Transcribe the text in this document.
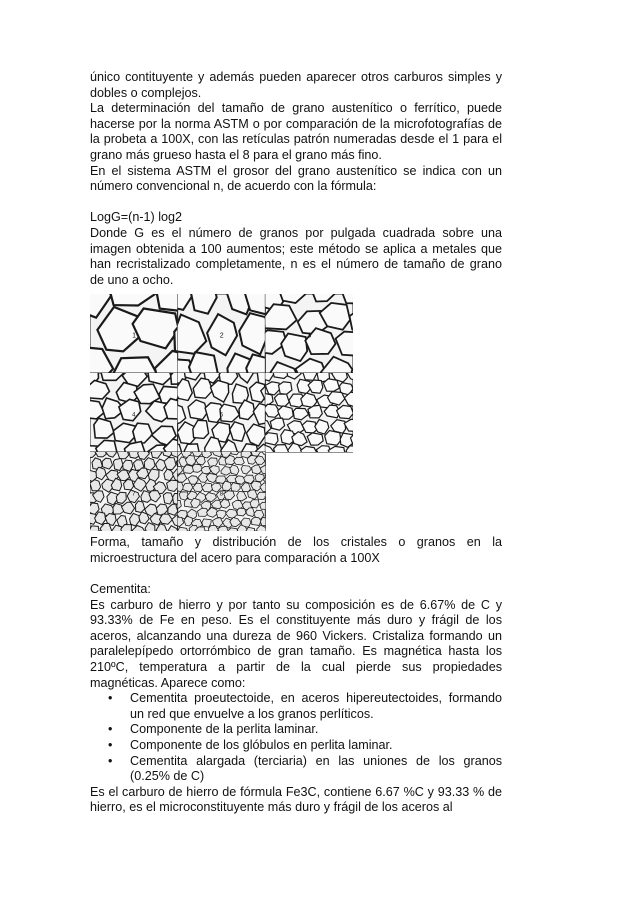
único contituyente y además pueden aparecer otros carburos simples y dobles o complejos.

La determinación del tamaño de grano austenítico o ferrítico, puede hacerse por la norma ASTM o por comparación de la microfotografías de la probeta a 100X, con las retículas patrón numeradas desde el 1 para el grano más grueso hasta el 8 para el grano más fino.

En el sistema ASTM el grosor del grano austenítico se indica con un número convencional n, de acuerdo con la fórmula:

LogG=(n-1) log2

Donde G es el número de granos por pulgada cuadrada sobre una imagen obtenida a 100 aumentos; este método se aplica a metales que han recristalizado completamente, n es el número de tamaño de grano de uno a ocho.

1	2	3
4	5	6
7	8

Forma, tamaño y distribución de los cristales o granos en la microestructura del acero para comparación a 100X

Cementita:

Es carburo de hierro y por tanto su composición es de 6.67% de C y 93.33% de Fe en peso. Es el constituyente más duro y frágil de los aceros, alcanzando una dureza de 960 Vickers. Cristaliza formando un paralelepípedo ortorrómbico de gran tamaño. Es magnética hasta los 210ºC, temperatura a partir de la cual pierde sus propiedades magnéticas. Aparece como:

• Cementita proeutectoide, en aceros hipereutectoides, formando un red que envuelve a los granos perlíticos.
• Componente de la perlita laminar.
• Componente de los glóbulos en perlita laminar.
• Cementita alargada (terciaria) en las uniones de los granos (0.25% de C)

Es el carburo de hierro de fórmula Fe3C, contiene 6.67 %C y 93.33 % de hierro, es el microconstituyente más duro y frágil de los aceros al
